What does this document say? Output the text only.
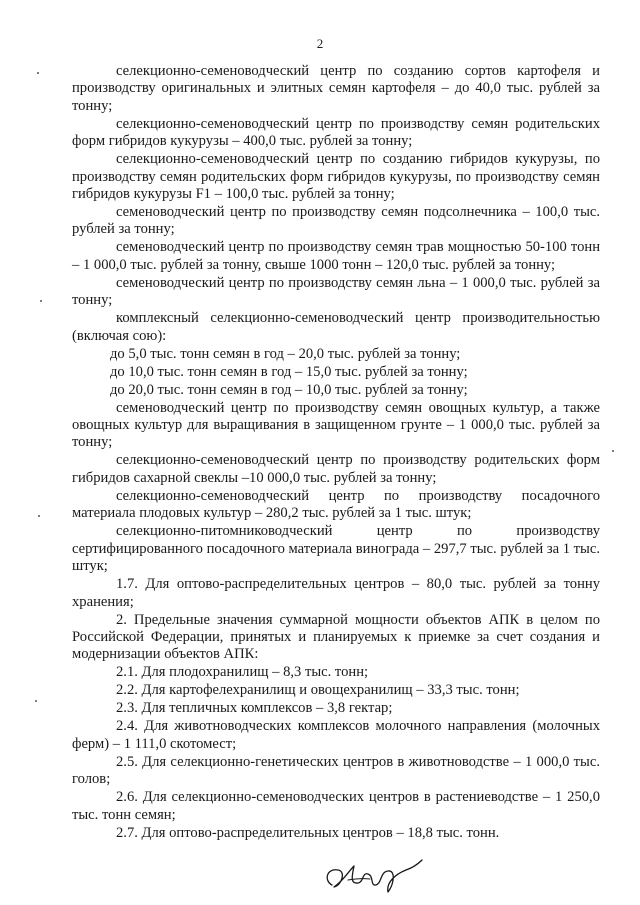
2

селекционно-семеноводческий центр по созданию сортов картофеля и производству оригинальных и элитных семян картофеля – до 40,0 тыс. рублей за тонну;

селекционно-семеноводческий центр по производству семян родительских форм гибридов кукурузы – 400,0 тыс. рублей за тонну;

селекционно-семеноводческий центр по созданию гибридов кукурузы, по производству семян родительских форм гибридов кукурузы, по производству семян гибридов кукурузы F1 – 100,0 тыс. рублей за тонну;

семеноводческий центр по производству семян подсолнечника – 100,0 тыс. рублей за тонну;

семеноводческий центр по производству семян трав мощностью 50-100 тонн – 1 000,0 тыс. рублей за тонну, свыше 1000 тонн – 120,0 тыс. рублей за тонну;

семеноводческий центр по производству семян льна – 1 000,0 тыс. рублей за тонну;

комплексный селекционно-семеноводческий центр производительностью (включая сою):

до 5,0 тыс. тонн семян в год – 20,0 тыс. рублей за тонну;

до 10,0 тыс. тонн семян в год – 15,0 тыс. рублей за тонну;

до 20,0 тыс. тонн семян в год – 10,0 тыс. рублей за тонну;

семеноводческий центр по производству семян овощных культур, а также овощных культур для выращивания в защищенном грунте – 1 000,0 тыс. рублей за тонну;

селекционно-семеноводческий центр по производству родительских форм гибридов сахарной свеклы –10 000,0 тыс. рублей за тонну;

селекционно-семеноводческий центр по производству посадочного материала плодовых культур – 280,2 тыс. рублей за 1 тыс. штук;

селекционно-питомниководческий центр по производству сертифицированного посадочного материала винограда – 297,7 тыс. рублей за 1 тыс. штук;

1.7. Для оптово-распределительных центров – 80,0 тыс. рублей за тонну хранения;

2. Предельные значения суммарной мощности объектов АПК в целом по Российской Федерации, принятых и планируемых к приемке за счет создания и модернизации объектов АПК:

2.1. Для плодохранилищ – 8,3 тыс. тонн;

2.2. Для картофелехранилищ и овощехранилищ – 33,3 тыс. тонн;

2.3. Для тепличных комплексов – 3,8 гектар;

2.4. Для животноводческих комплексов молочного направления (молочных ферм) – 1 111,0 скотомест;

2.5. Для селекционно-генетических центров в животноводстве – 1 000,0 тыс. голов;

2.6. Для селекционно-семеноводческих центров в растениеводстве – 1 250,0 тыс. тонн семян;

2.7. Для оптово-распределительных центров – 18,8 тыс. тонн.
